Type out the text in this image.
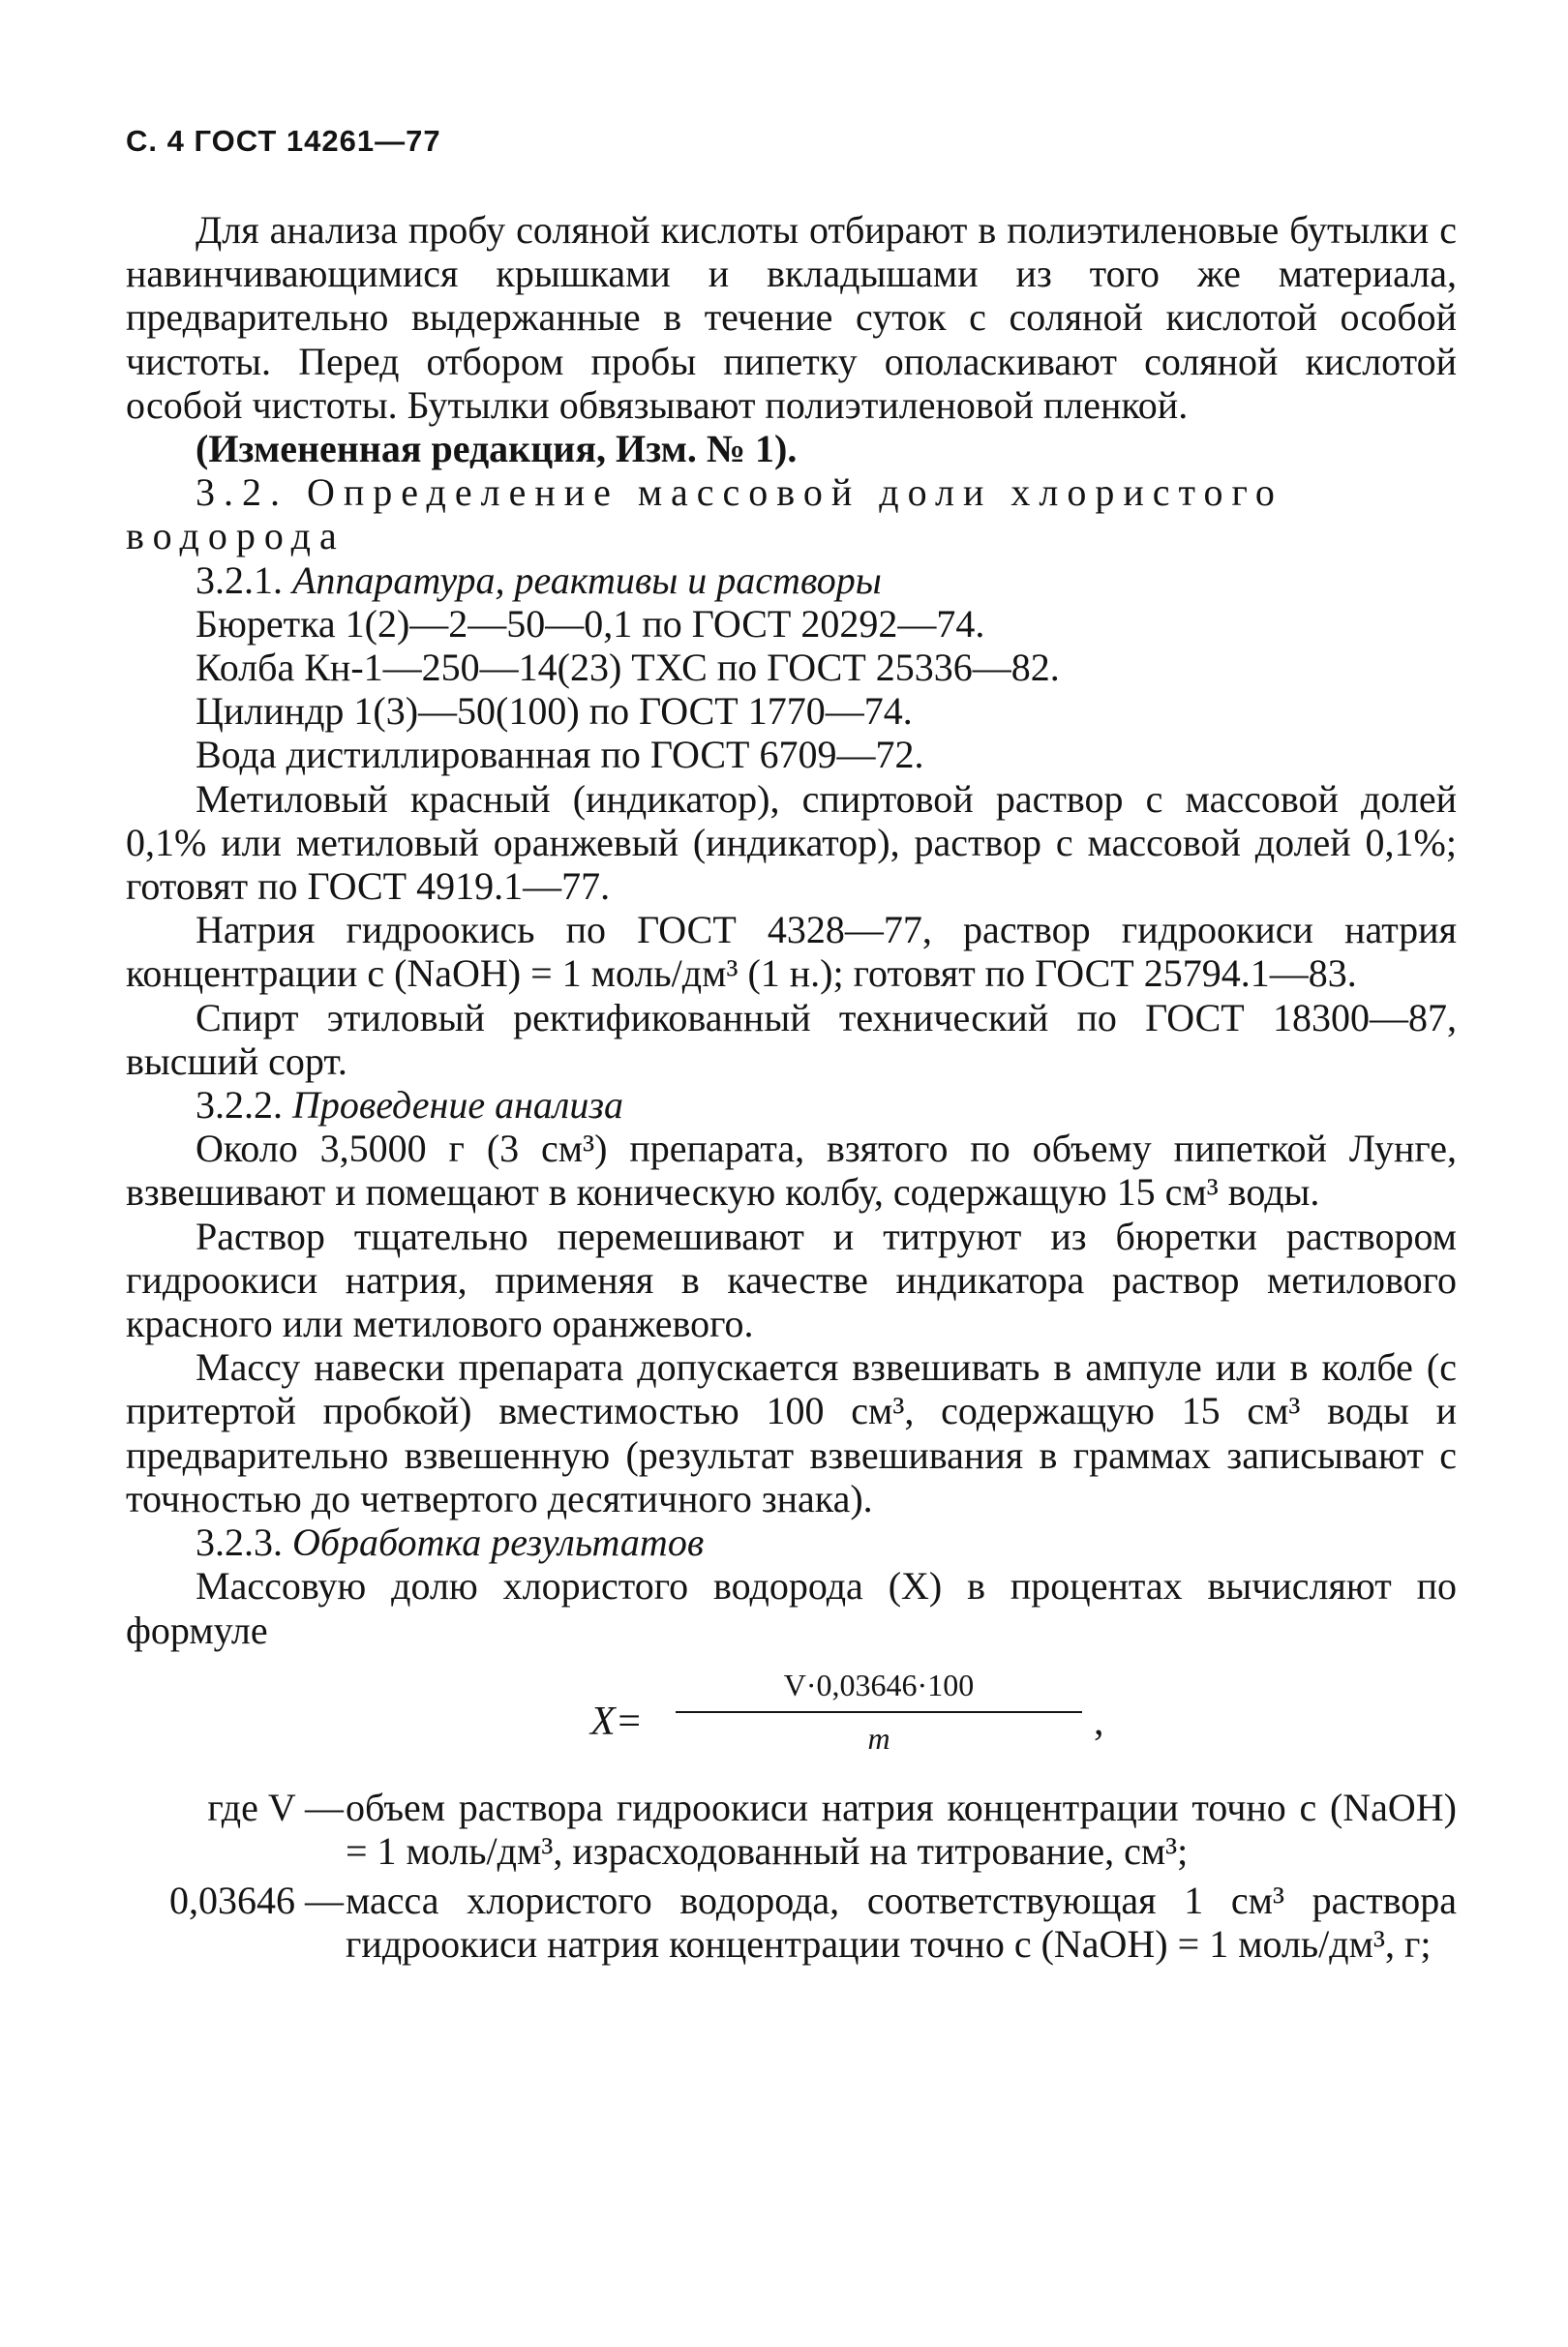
С. 4 ГОСТ 14261—77

Для анализа пробу соляной кислоты отбирают в полиэтиленовые бутылки с навинчивающимися крышками и вкладышами из того же материала, предварительно выдержанные в течение суток с соляной кислотой особой чистоты. Перед отбором пробы пипетку ополаскивают соляной кислотой особой чистоты. Бутылки обвязывают полиэтиленовой пленкой.

(Измененная редакция, Изм. № 1).

3.2. Определение массовой доли хлористого водорода

3.2.1. Аппаратура, реактивы и растворы

Бюретка 1(2)—2—50—0,1 по ГОСТ 20292—74.

Колба Кн-1—250—14(23) ТХС по ГОСТ 25336—82.

Цилиндр 1(3)—50(100) по ГОСТ 1770—74.

Вода дистиллированная по ГОСТ 6709—72.

Метиловый красный (индикатор), спиртовой раствор с массовой долей 0,1% или метиловый оранжевый (индикатор), раствор с массовой долей 0,1%; готовят по ГОСТ 4919.1—77.

Натрия гидроокись по ГОСТ 4328—77, раствор гидроокиси натрия концентрации c (NaOH) = 1 моль/дм³ (1 н.); готовят по ГОСТ 25794.1—83.

Спирт этиловый ректификованный технический по ГОСТ 18300—87, высший сорт.

3.2.2. Проведение анализа

Около 3,5000 г (3 см³) препарата, взятого по объему пипеткой Лунге, взвешивают и помещают в коническую колбу, содержащую 15 см³ воды.

Раствор тщательно перемешивают и титруют из бюретки раствором гидроокиси натрия, применяя в качестве индикатора раствор метилового красного или метилового оранжевого.

Массу навески препарата допускается взвешивать в ампуле или в колбе (с притертой пробкой) вместимостью 100 см³, содержащую 15 см³ воды и предварительно взвешенную (результат взвешивания в граммах записывают с точностью до четвертого десятичного знака).

3.2.3. Обработка результатов

Массовую долю хлористого водорода (X) в процентах вычисляют по формуле

$X= \frac{V\cdot 0,03646\cdot 100}{m}$ ,
где V — объем раствора гидроокиси натрия концентрации точно c (NaOH) = 1 моль/дм³, израсходованный на титрование, см³;
0,03646 — масса хлористого водорода, соответствующая 1 см³ раствора гидроокиси натрия концентрации точно c (NaOH) = 1 моль/дм³, г;
